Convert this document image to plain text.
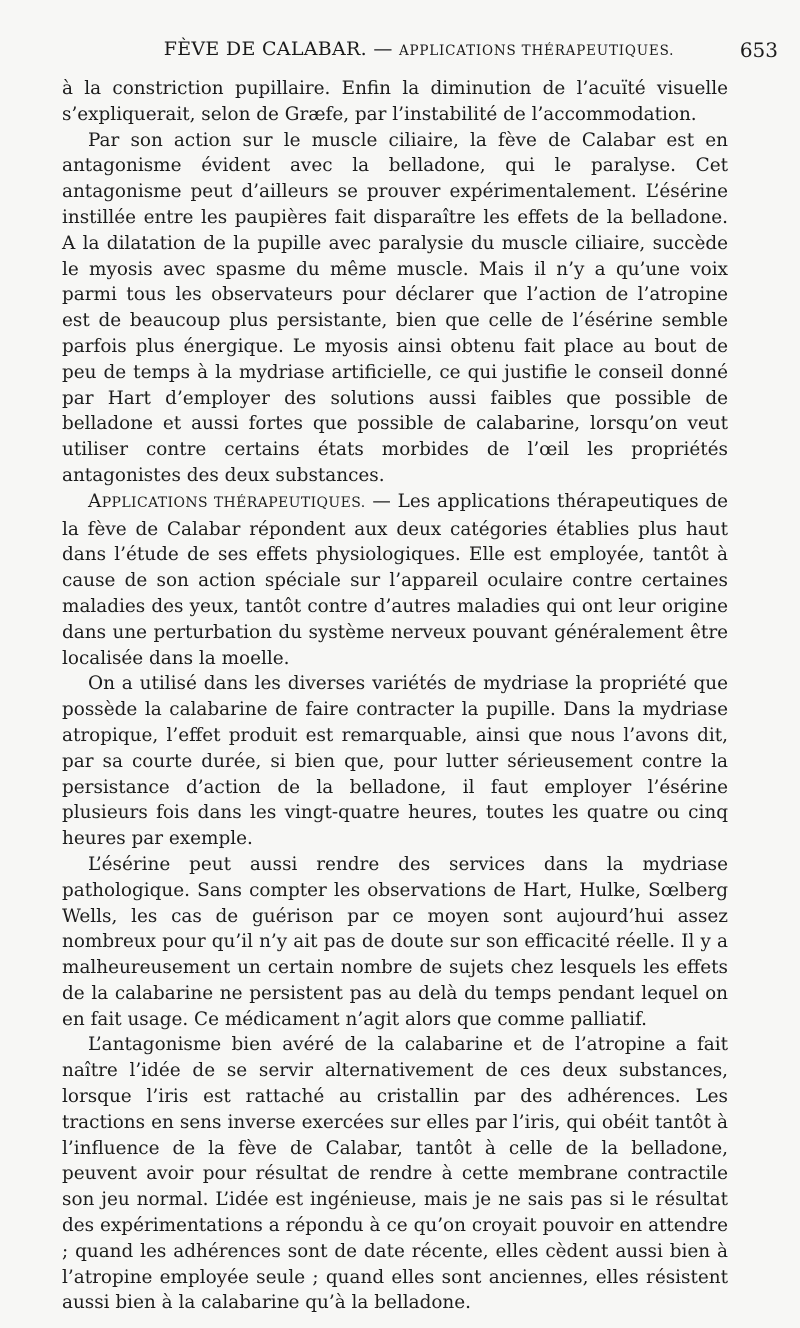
FÈVE DE CALABAR. — APPLICATIONS THÉRAPEUTIQUES.	653

à la constriction pupillaire. Enfin la diminution de l’acuïté visuelle s’expliquerait, selon de Græfe, par l’instabilité de l’accommodation.

Par son action sur le muscle ciliaire, la fève de Calabar est en antagonisme évident avec la belladone, qui le paralyse. Cet antagonisme peut d’ailleurs se prouver expérimentalement. L’ésérine instillée entre les paupières fait disparaître les effets de la belladone. A la dilatation de la pupille avec paralysie du muscle ciliaire, succède le myosis avec spasme du même muscle. Mais il n’y a qu’une voix parmi tous les observateurs pour déclarer que l’action de l’atropine est de beaucoup plus persistante, bien que celle de l’ésérine semble parfois plus énergique. Le myosis ainsi obtenu fait place au bout de peu de temps à la mydriase artificielle, ce qui justifie le conseil donné par Hart d’employer des solutions aussi faibles que possible de belladone et aussi fortes que possible de calabarine, lorsqu’on veut utiliser contre certains états morbides de l’œil les propriétés antagonistes des deux substances.

APPLICATIONS THÉRAPEUTIQUES. — Les applications thérapeutiques de la fève de Calabar répondent aux deux catégories établies plus haut dans l’étude de ses effets physiologiques. Elle est employée, tantôt à cause de son action spéciale sur l’appareil oculaire contre certaines maladies des yeux, tantôt contre d’autres maladies qui ont leur origine dans une perturbation du système nerveux pouvant généralement être localisée dans la moelle.

On a utilisé dans les diverses variétés de mydriase la propriété que possède la calabarine de faire contracter la pupille. Dans la mydriase atropique, l’effet produit est remarquable, ainsi que nous l’avons dit, par sa courte durée, si bien que, pour lutter sérieusement contre la persistance d’action de la belladone, il faut employer l’ésérine plusieurs fois dans les vingt-quatre heures, toutes les quatre ou cinq heures par exemple.

L’ésérine peut aussi rendre des services dans la mydriase pathologique. Sans compter les observations de Hart, Hulke, Sœlberg Wells, les cas de guérison par ce moyen sont aujourd’hui assez nombreux pour qu’il n’y ait pas de doute sur son efficacité réelle. Il y a malheureusement un certain nombre de sujets chez lesquels les effets de la calabarine ne persistent pas au delà du temps pendant lequel on en fait usage. Ce médicament n’agit alors que comme palliatif.

L’antagonisme bien avéré de la calabarine et de l’atropine a fait naître l’idée de se servir alternativement de ces deux substances, lorsque l’iris est rattaché au cristallin par des adhérences. Les tractions en sens inverse exercées sur elles par l’iris, qui obéit tantôt à l’influence de la fève de Calabar, tantôt à celle de la belladone, peuvent avoir pour résultat de rendre à cette membrane contractile son jeu normal. L’idée est ingénieuse, mais je ne sais pas si le résultat des expérimentations a répondu à ce qu’on croyait pouvoir en attendre ; quand les adhérences sont de date récente, elles cèdent aussi bien à l’atropine employée seule ; quand elles sont anciennes, elles résistent aussi bien à la calabarine qu’à la belladone.
